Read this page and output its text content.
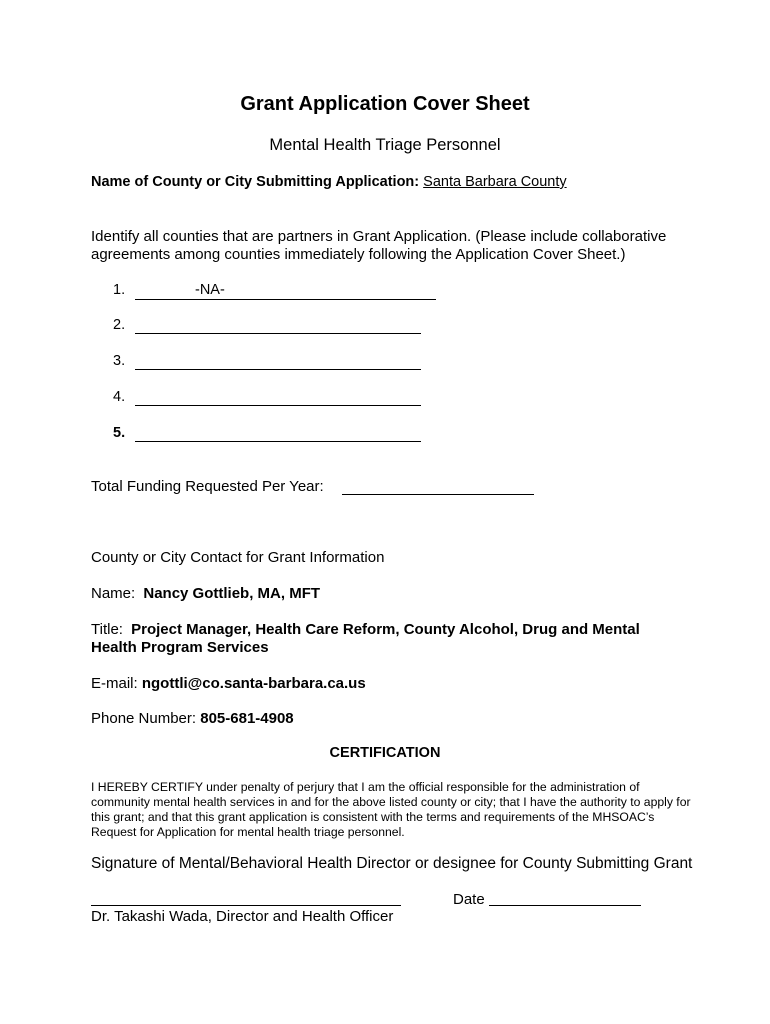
Grant Application Cover Sheet
Mental Health Triage Personnel
Name of County or City Submitting Application: Santa Barbara County
Identify all counties that are partners in Grant Application. (Please include collaborative
agreements among counties immediately following the Application Cover Sheet.)
1.	-NA-
2.
3.
4.
5.
Total Funding Requested Per Year:
County or City Contact for Grant Information
Name: Nancy Gottlieb, MA, MFT
Title: Project Manager, Health Care Reform, County Alcohol, Drug and Mental
Health Program Services
E-mail: ngottli@co.santa-barbara.ca.us
Phone Number: 805-681-4908
CERTIFICATION
I HEREBY CERTIFY under penalty of perjury that I am the official responsible for the administration of community mental health services in and for the above listed county or city; that I have the authority to apply for this grant; and that this grant application is consistent with the terms and requirements of the MHSOAC’s Request for Application for mental health triage personnel.
Signature of Mental/Behavioral Health Director or designee for County Submitting Grant
Date
Dr. Takashi Wada, Director and Health Officer
